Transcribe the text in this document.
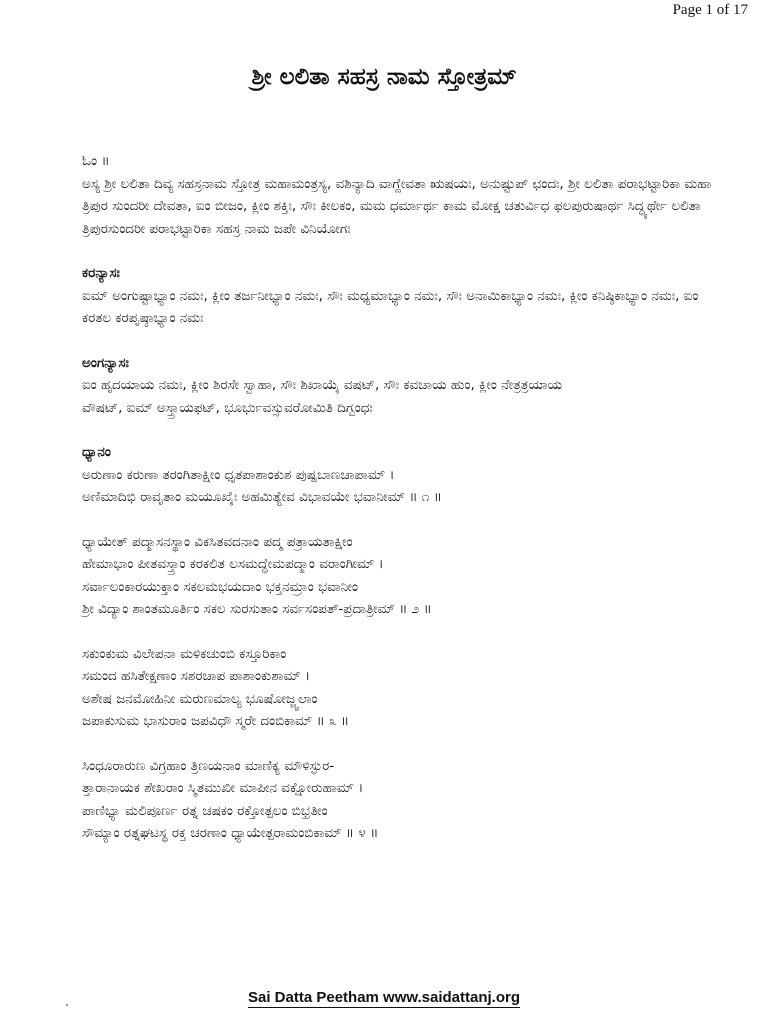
Page 1 of 17
ಶ್ರೀ ಲಲಿತಾ ಸಹಸ್ರ ನಾಮ ಸ್ತೋತ್ರಮ್

ಓಂ ॥

ಅಸ್ಯ ಶ್ರೀ ಲಲಿತಾ ದಿವ್ಯ ಸಹಸ್ರನಾಮ ಸ್ತೋತ್ರ ಮಹಾಮಂತ್ರಸ್ಯ, ವಶಿನ್ಯಾದಿ ವಾಗ್ದೇವತಾ ಋಷಯಃ, ಅನುಷ್ಟುಪ್ ಛಂದಃ, ಶ್ರೀ ಲಲಿತಾ ಪರಾಭಟ್ಟಾರಿಕಾ ಮಹಾ ತ್ರಿಪುರ ಸುಂದರೀ ದೇವತಾ, ಐಂ ಬೀಜಂ, ಕ್ಲೀಂ ಶಕ್ತಿಃ, ಸೌಃ ಕೀಲಕಂ, ಮಮ ಧರ್ಮಾರ್ಥ ಕಾಮ ಮೋಕ್ಷ ಚತುರ್ವಿಧ ಫಲಪುರುಷಾರ್ಥ ಸಿದ್ಧ್ಯರ್ಥೇ ಲಲಿತಾ ತ್ರಿಪುರಸುಂದರೀ ಪರಾಭಟ್ಟಾರಿಕಾ ಸಹಸ್ರ ನಾಮ ಜಪೇ ವಿನಿಯೋಗಃ

ಕರನ್ಯಾಸಃ

ಐಮ್ ಅಂಗುಷ್ಟಾಭ್ಯಾಂ ನಮಃ, ಕ್ಲೀಂ ತರ್ಜನೀಭ್ಯಾಂ ನಮಃ, ಸೌಃ ಮಧ್ಯಮಾಭ್ಯಾಂ ನಮಃ, ಸೌಃ ಅನಾಮಿಕಾಭ್ಯಾಂ ನಮಃ, ಕ್ಲೀಂ ಕನಿಷ್ಠಿಕಾಭ್ಯಾಂ ನಮಃ, ಐಂ ಕರತಲ ಕರಪೃಷ್ಠಾಭ್ಯಾಂ ನಮಃ

ಅಂಗನ್ಯಾಸಃ

ಐಂ ಹೃದಯಾಯ ನಮಃ, ಕ್ಲೀಂ ಶಿರಸೇ ಸ್ವಾಹಾ, ಸೌಃ ಶಿಖಾಯೈ ವಷಟ್, ಸೌಃ ಕವಚಾಯ ಹುಂ, ಕ್ಲೀಂ ನೇತ್ರತ್ರಯಾಯ

ವೌಷಟ್, ಐಮ್ ಅಸ್ತ್ರಾಯಫಟ್, ಭೂರ್ಭುವಸ್ಸುವರೋಮಿತಿ ದಿಗ್ಬಂಧಃ

ಧ್ಯಾನಂ

ಅರುಣಾಂ ಕರುಣಾ ತರಂಗಿತಾಕ್ಷೀಂ ಧೃತಪಾಶಾಂಕುಶ ಪುಷ್ಪಬಾಣಚಾಪಾಮ್ ।

ಅಣಿಮಾದಿಭಿ ರಾವೃತಾಂ ಮಯೂಖೈಃ ಅಹಮಿತ್ಯೇವ ವಿಭಾವಯೇ ಭವಾನೀಮ್ ॥ ೧ ॥

ಧ್ಯಾಯೇತ್ ಪದ್ಮಾಸನಸ್ಥಾಂ ವಿಕಸಿತವದನಾಂ ಪದ್ಮ ಪತ್ರಾಯತಾಕ್ಷೀಂ

ಹೇಮಾಭಾಂ ಪೀತವಸ್ತ್ರಾಂ ಕರಕಲಿತ ಲಸಮದ್ಧೇಮಪದ್ಮಾಂ ವರಾಂಗೀಮ್ ।

ಸರ್ವಾಲಂಕಾರಯುಕ್ತಾಂ ಸಕಲಮಭಯದಾಂ ಭಕ್ತನಮ್ರಾಂ ಭವಾನೀಂ

ಶ್ರೀ ವಿದ್ಯಾಂ ಶಾಂತಮೂರ್ತಿಂ ಸಕಲ ಸುರಸುತಾಂ ಸರ್ವಸಂಪತ್-ಪ್ರದಾತ್ರೀಮ್ ॥ ೨ ॥

ಸಕುಂಕುಮ ವಿಲೇಪನಾ ಮಳಿಕಚುಂಬಿ ಕಸ್ತೂರಿಕಾಂ

ಸಮಂದ ಹಸಿತೇಕ್ಷಣಾಂ ಸಶರಚಾಪ ಪಾಶಾಂಕುಶಾಮ್ ।

ಅಶೇಷ ಜನಮೋಹಿನೀ ಮರುಣಮಾಲ್ಯ ಭೂಷೋಜ್ಜ್ವಲಾಂ

ಜಪಾಕುಸುಮ ಭಾಸುರಾಂ ಜಪವಿಧೌ ಸ್ಮರೇ ದಂಬಿಕಾಮ್ ॥ ೩ ॥

ಸಿಂಧೂರಾರುಣ ವಿಗ್ರಹಾಂ ತ್ರಿಣಯನಾಂ ಮಾಣಿಕ್ಯ ಮೌಳಿಸ್ಫುರ-

ತ್ತಾರಾನಾಯಕ ಶೇಖರಾಂ ಸ್ಮಿತಮುಖೀ ಮಾಪೀನ ವಕ್ಷೋರುಹಾಮ್ ।

ಪಾಣಿಭ್ಯಾ ಮಲಿಪೂರ್ಣ ರತ್ನ ಚಷಕಂ ರಕ್ತೋತ್ಪಲಂ ಬಿಭ್ರತೀಂ

ಸೌಮ್ಯಾಂ ರತ್ನಘಟಸ್ಥ ರಕ್ತ ಚರಣಾಂ ಧ್ಯಾಯೇತ್ಪರಾಮಂಬಿಕಾಮ್ ॥ ೪ ॥

Sai Datta Peetham www.saidattanj.org
